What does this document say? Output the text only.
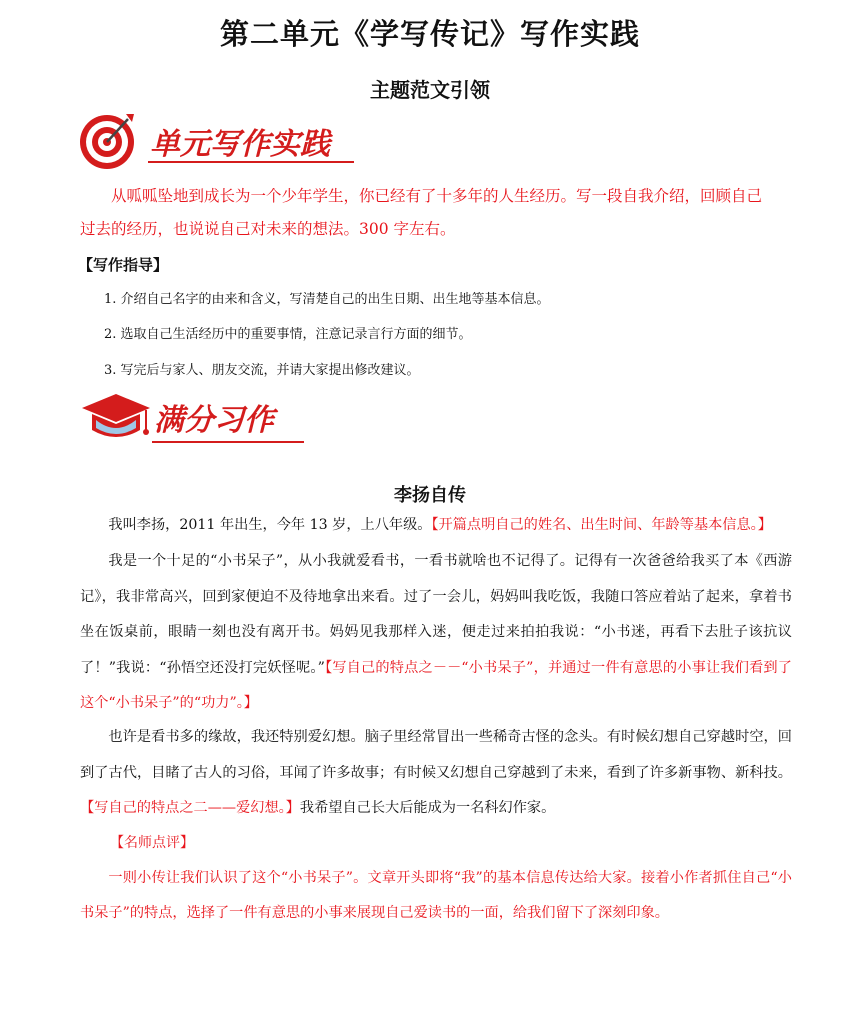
第二单元《学写传记》写作实践
主题范文引领
单元写作实践
从呱呱坠地到成长为一个少年学生，你已经有了十多年的人生经历。写一段自我介绍，回顾自己过去的经历，也说说自己对未来的想法。300 字左右。
【写作指导】
1. 介绍自己名字的由来和含义，写清楚自己的出生日期、出生地等基本信息。
2. 选取自己生活经历中的重要事情，注意记录言行方面的细节。
3. 写完后与家人、朋友交流，并请大家提出修改建议。
满分习作
李扬自传
我叫李扬，2011 年出生，今年 13 岁，上八年级。【开篇点明自己的姓名、出生时间、年龄等基本信息。】
我是一个十足的“小书呆子”，从小我就爱看书，一看书就啥也不记得了。记得有一次爸爸给我买了本《西游记》，我非常高兴，回到家便迫不及待地拿出来看。过了一会儿，妈妈叫我吃饭，我随口答应着站了起来，拿着书坐在饭桌前，眼睛一刻也没有离开书。妈妈见我那样入迷，便走过来拍拍我说：“小书迷，再看下去肚子该抗议了！”我说：“孙悟空还没打完妖怪呢。”【写自己的特点之－－“小书呆子”，并通过一件有意思的小事让我们看到了这个“小书呆子”的“功力”。】
也许是看书多的缘故，我还特别爱幻想。脑子里经常冒出一些稀奇古怪的念头。有时候幻想自己穿越时空，回到了古代，目睹了古人的习俗，耳闻了许多故事；有时候又幻想自己穿越到了未来，看到了许多新事物、新科技。【写自己的特点之二——爱幻想。】我希望自己长大后能成为一名科幻作家。
【名师点评】
一则小传让我们认识了这个“小书呆子”。文章开头即将“我”的基本信息传达给大家。接着小作者抓住自己“小书呆子”的特点，选择了一件有意思的小事来展现自己爱读书的一面，给我们留下了深刻印象。
